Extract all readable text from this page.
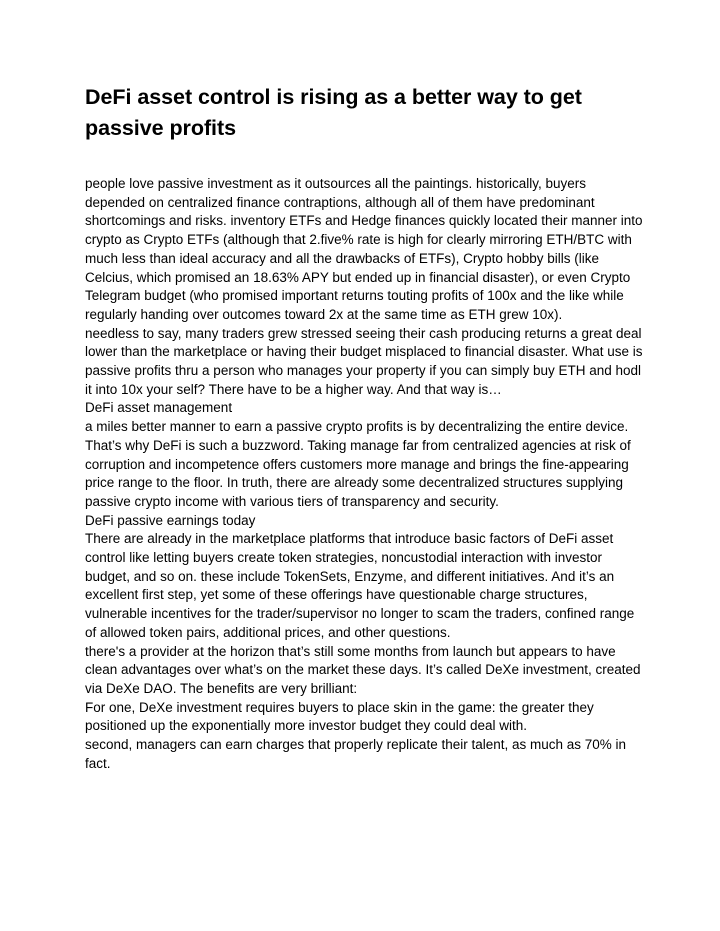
DeFi asset control is rising as a better way to get passive profits

people love passive investment as it outsources all the paintings. historically, buyers depended on centralized finance contraptions, although all of them have predominant shortcomings and risks. inventory ETFs and Hedge finances quickly located their manner into crypto as Crypto ETFs (although that 2.five% rate is high for clearly mirroring ETH/BTC with much less than ideal accuracy and all the drawbacks of ETFs), Crypto hobby bills (like Celcius, which promised an 18.63% APY but ended up in financial disaster), or even Crypto Telegram budget (who promised important returns touting profits of 100x and the like while regularly handing over outcomes toward 2x at the same time as ETH grew 10x).

needless to say, many traders grew stressed seeing their cash producing returns a great deal lower than the marketplace or having their budget misplaced to financial disaster. What use is passive profits thru a person who manages your property if you can simply buy ETH and hodl it into 10x your self? There have to be a higher way. And that way is…

DeFi asset management

a miles better manner to earn a passive crypto profits is by decentralizing the entire device. That’s why DeFi is such a buzzword. Taking manage far from centralized agencies at risk of corruption and incompetence offers customers more manage and brings the fine-appearing price range to the floor. In truth, there are already some decentralized structures supplying passive crypto income with various tiers of transparency and security.

DeFi passive earnings today

There are already in the marketplace platforms that introduce basic factors of DeFi asset control like letting buyers create token strategies, noncustodial interaction with investor budget, and so on. these include TokenSets, Enzyme, and different initiatives. And it’s an excellent first step, yet some of these offerings have questionable charge structures, vulnerable incentives for the trader/supervisor no longer to scam the traders, confined range of allowed token pairs, additional prices, and other questions.

there's a provider at the horizon that’s still some months from launch but appears to have clean advantages over what’s on the market these days. It’s called DeXe investment, created via DeXe DAO. The benefits are very brilliant:

For one, DeXe investment requires buyers to place skin in the game: the greater they positioned up the exponentially more investor budget they could deal with.

second, managers can earn charges that properly replicate their talent, as much as 70% in fact.
